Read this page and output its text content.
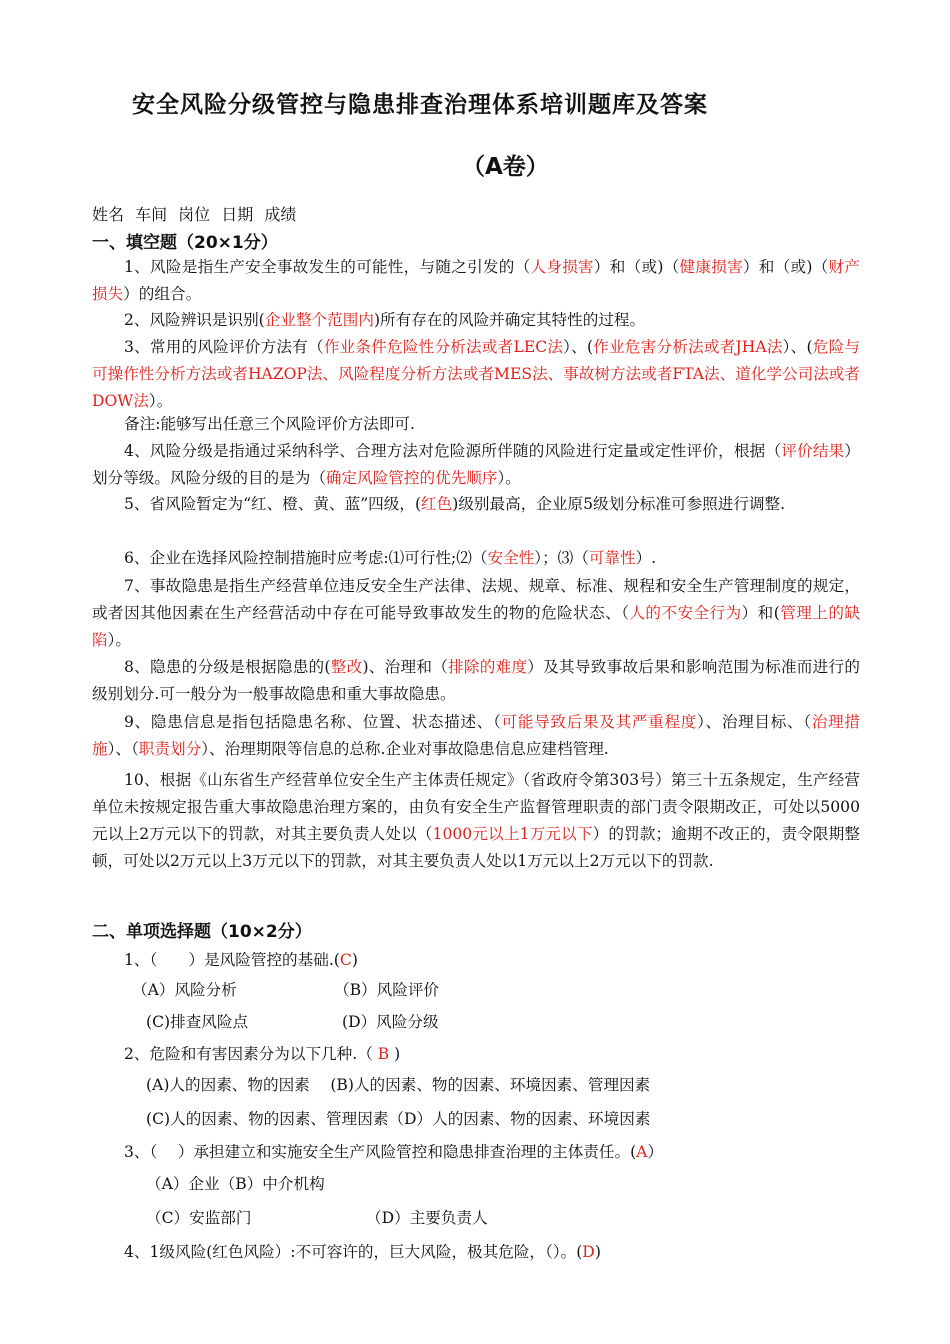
安全风险分级管控与隐患排查治理体系培训题库及答案
（A卷）
姓名 车间 岗位 日期 成绩
一、填空题（20×1分）

1、风险是指生产安全事故发生的可能性，与随之引发的（人身损害）和（或)（健康损害）和（或)（财产损失）的组合。

2、风险辨识是识别(企业整个范围内)所有存在的风险并确定其特性的过程。

3、常用的风险评价方法有（作业条件危险性分析法或者LEC法）、(作业危害分析法或者JHA法）、(危险与可操作性分析方法或者HAZOP法、风险程度分析方法或者MES法、事故树方法或者FTA法、道化学公司法或者DOW法）。

备注:能够写出任意三个风险评价方法即可.

4、风险分级是指通过采纳科学、合理方法对危险源所伴随的风险进行定量或定性评价，根据（评价结果）划分等级。风险分级的目的是为（确定风险管控的优先顺序）。

5、省风险暂定为“红、橙、黄、蓝”四级，(红色)级别最高，企业原5级划分标准可参照进行调整.

6、企业在选择风险控制措施时应考虑:⑴可行性;⑵（安全性）；⑶（可靠性）.

7、事故隐患是指生产经营单位违反安全生产法律、法规、规章、标准、规程和安全生产管理制度的规定，或者因其他因素在生产经营活动中存在可能导致事故发生的物的危险状态、（人的不安全行为）和(管理上的缺陷）。

8、隐患的分级是根据隐患的(整改)、治理和（排除的难度）及其导致事故后果和影响范围为标准而进行的级别划分.可一般分为一般事故隐患和重大事故隐患。

9、隐患信息是指包括隐患名称、位置、状态描述、（可能导致后果及其严重程度）、治理目标、（治理措施）、（职责划分）、治理期限等信息的总称.企业对事故隐患信息应建档管理.

10、根据《山东省生产经营单位安全生产主体责任规定》（省政府令第303号）第三十五条规定，生产经营单位未按规定报告重大事故隐患治理方案的，由负有安全生产监督管理职责的部门责令限期改正，可处以5000元以上2万元以下的罚款，对其主要负责人处以（1000元以上1万元以下）的罚款；逾期不改正的，责令限期整顿，可处以2万元以上3万元以下的罚款，对其主要负责人处以1万元以上2万元以下的罚款.

二、单项选择题（10×2分）

1、（　　）是风险管控的基础.(C)

（A）风险分析	（B）风险评价

(C)排查风险点	(D）风险分级

2、危险和有害因素分为以下几种.（ B )

(A)人的因素、物的因素　 (B)人的因素、物的因素、环境因素、管理因素

(C)人的因素、物的因素、管理因素（D）人的因素、物的因素、环境因素

3、（　 ）承担建立和实施安全生产风险管控和隐患排查治理的主体责任。(A）

（A）企业（B）中介机构

（C）安监部门	（D）主要负责人

4、1级风险(红色风险）:不可容许的，巨大风险，极其危险，（）。(D)
